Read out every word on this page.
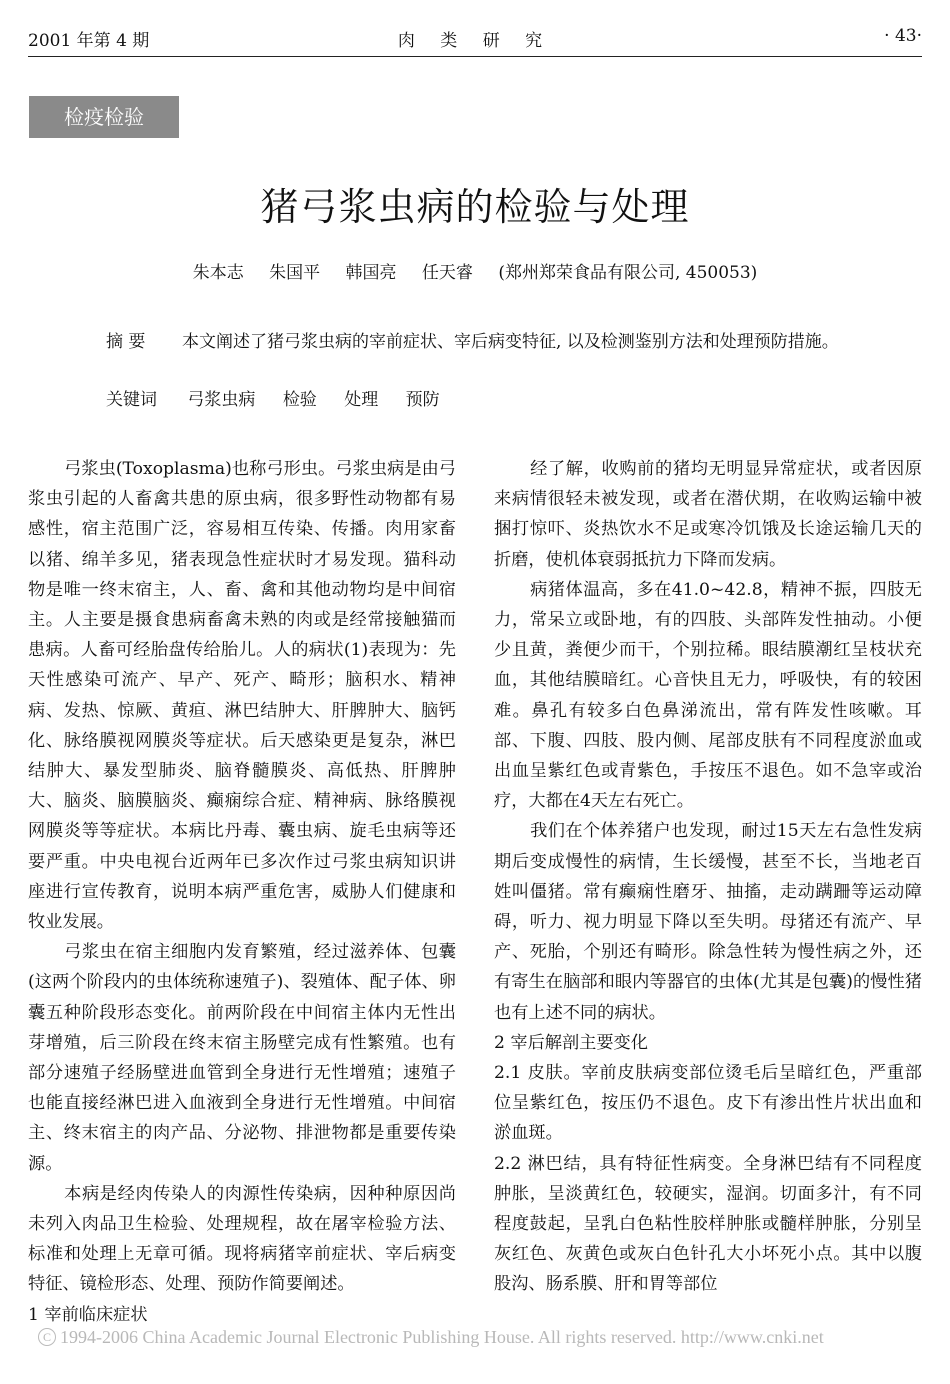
2001 年第 4 期	肉 类 研 究	· 43·
检疫检验
猪弓浆虫病的检验与处理
朱本志 朱国平 韩国亮 任天睿 (郑州郑荣食品有限公司, 450053)
摘 要 本文阐述了猪弓浆虫病的宰前症状、宰后病变特征, 以及检测鉴别方法和处理预防措施。
关键词 弓浆虫病 检验 处理 预防

弓浆虫(Toxoplasma)也称弓形虫。弓浆虫病是由弓浆虫引起的人畜禽共患的原虫病，很多野性动物都有易感性，宿主范围广泛，容易相互传染、传播。肉用家畜以猪、绵羊多见，猪表现急性症状时才易发现。猫科动物是唯一终末宿主，人、畜、禽和其他动物均是中间宿主。人主要是摄食患病畜禽未熟的肉或是经常接触猫而患病。人畜可经胎盘传给胎儿。人的病状(1)表现为：先天性感染可流产、早产、死产、畸形；脑积水、精神病、发热、惊厥、黄疸、淋巴结肿大、肝脾肿大、脑钙化、脉络膜视网膜炎等症状。后天感染更是复杂，淋巴结肿大、暴发型肺炎、脑脊髓膜炎、高低热、肝脾肿大、脑炎、脑膜脑炎、癫痫综合症、精神病、脉络膜视网膜炎等等症状。本病比丹毒、囊虫病、旋毛虫病等还要严重。中央电视台近两年已多次作过弓浆虫病知识讲座进行宣传教育，说明本病严重危害，威胁人们健康和牧业发展。

弓浆虫在宿主细胞内发育繁殖，经过滋养体、包囊(这两个阶段内的虫体统称速殖子)、裂殖体、配子体、卵囊五种阶段形态变化。前两阶段在中间宿主体内无性出芽增殖，后三阶段在终末宿主肠壁完成有性繁殖。也有部分速殖子经肠壁进血管到全身进行无性增殖；速殖子也能直接经淋巴进入血液到全身进行无性增殖。中间宿主、终末宿主的肉产品、分泌物、排泄物都是重要传染源。

本病是经肉传染人的肉源性传染病，因种种原因尚未列入肉品卫生检验、处理规程，故在屠宰检验方法、标准和处理上无章可循。现将病猪宰前症状、宰后病变特征、镜检形态、处理、预防作简要阐述。

1 宰前临床症状

经了解，收购前的猪均无明显异常症状，或者因原来病情很轻未被发现，或者在潜伏期，在收购运输中被捆打惊吓、炎热饮水不足或寒冷饥饿及长途运输几天的折磨，使机体衰弱抵抗力下降而发病。

病猪体温高，多在41.0~42.8，精神不振，四肢无力，常呆立或卧地，有的四肢、头部阵发性抽动。小便少且黄，粪便少而干，个别拉稀。眼结膜潮红呈枝状充血，其他结膜暗红。心音快且无力，呼吸快，有的较困难。鼻孔有较多白色鼻涕流出，常有阵发性咳嗽。耳部、下腹、四肢、股内侧、尾部皮肤有不同程度淤血或出血呈紫红色或青紫色，手按压不退色。如不急宰或治疗，大都在4天左右死亡。

我们在个体养猪户也发现，耐过15天左右急性发病期后变成慢性的病情，生长缓慢，甚至不长，当地老百姓叫僵猪。常有癫痫性磨牙、抽搐，走动蹒跚等运动障碍，听力、视力明显下降以至失明。母猪还有流产、早产、死胎，个别还有畸形。除急性转为慢性病之外，还有寄生在脑部和眼内等器官的虫体(尤其是包囊)的慢性猪也有上述不同的病状。

2 宰后解剖主要变化

2.1 皮肤。宰前皮肤病变部位烫毛后呈暗红色，严重部位呈紫红色，按压仍不退色。皮下有渗出性片状出血和淤血斑。

2.2 淋巴结，具有特征性病变。全身淋巴结有不同程度肿胀，呈淡黄红色，较硬实，湿润。切面多汁，有不同程度鼓起，呈乳白色粘性胶样肿胀或髓样肿胀，分别呈灰红色、灰黄色或灰白色针孔大小坏死小点。其中以腹股沟、肠系膜、肝和胃等部位

C 1994-2006 China Academic Journal Electronic Publishing House. All rights reserved. http://www.cnki.net
